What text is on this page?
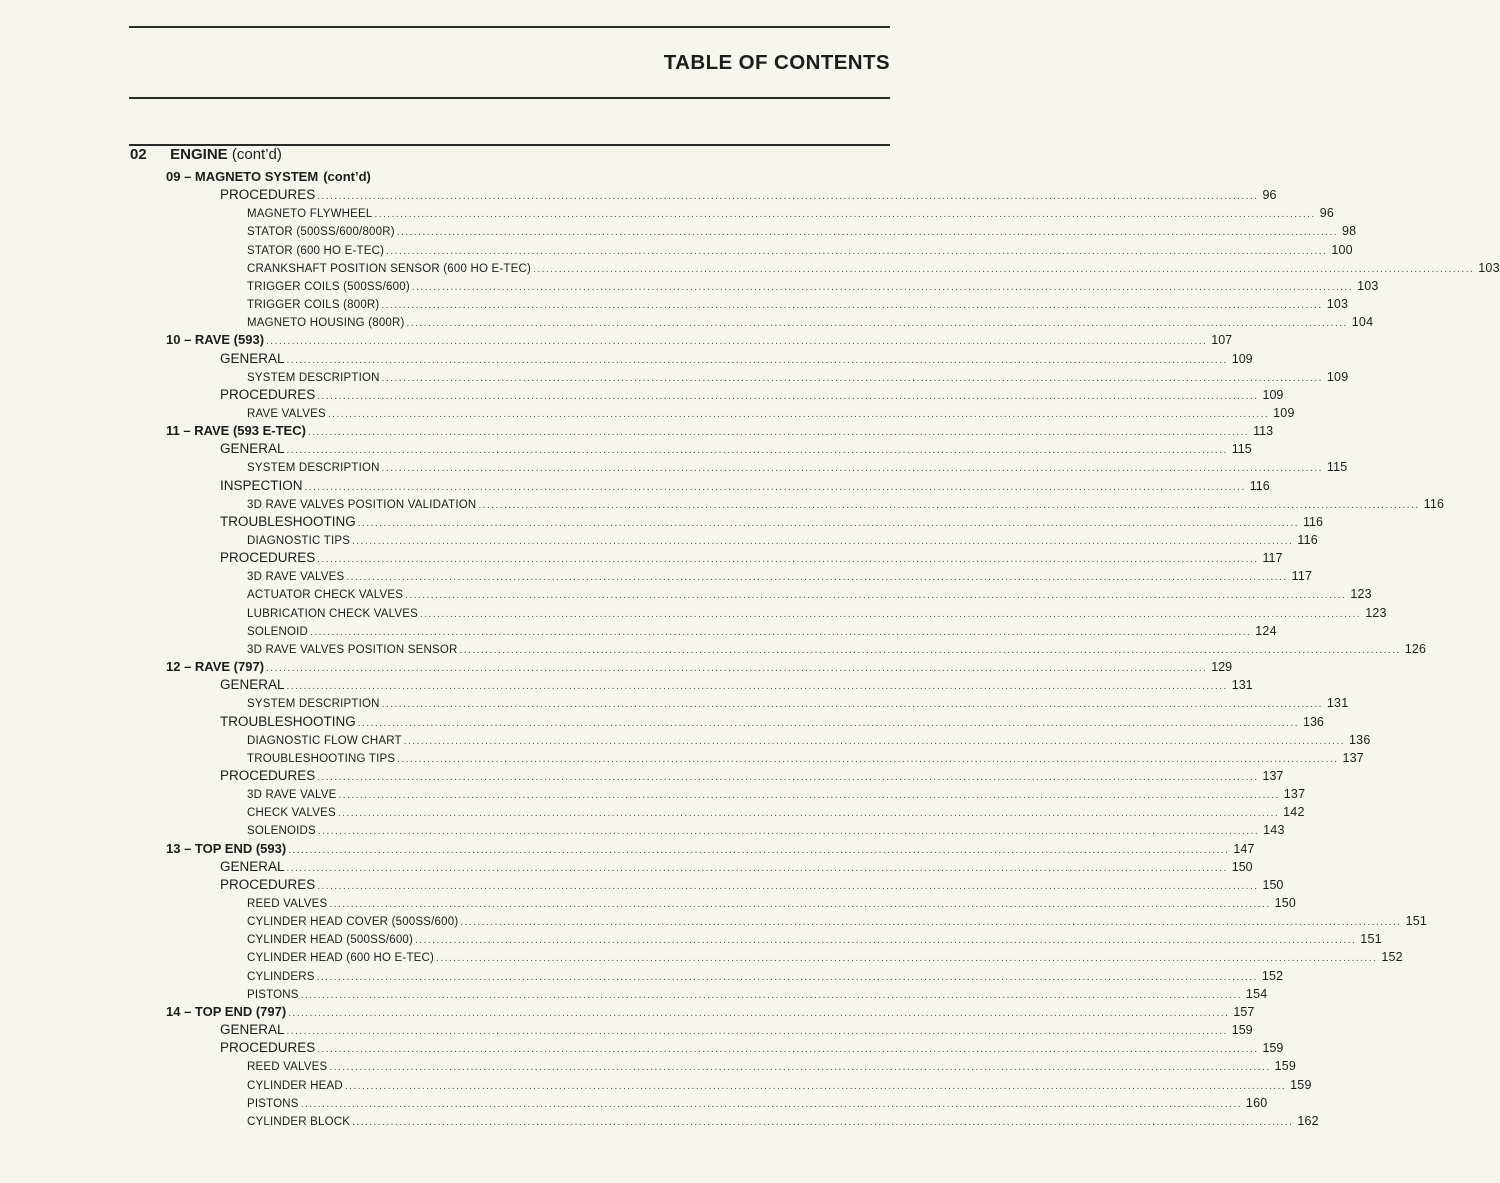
TABLE OF CONTENTS
02 ENGINE (cont’d)
09 – MAGNETO SYSTEM (cont’d)
PROCEDURES ............................................................................................................................................................................................................................ 96
MAGNETO FLYWHEEL ............................................................................................................................................................................................................................ 96
STATOR (500SS/600/800R) ............................................................................................................................................................................................................................ 98
STATOR (600 HO E-TEC) ............................................................................................................................................................................................................................ 100
CRANKSHAFT POSITION SENSOR (600 HO E-TEC) ............................................................................................................................................................................................................................ 103
TRIGGER COILS (500SS/600) ............................................................................................................................................................................................................................ 103
TRIGGER COILS (800R) ............................................................................................................................................................................................................................ 103
MAGNETO HOUSING (800R) ............................................................................................................................................................................................................................ 104
10 – RAVE (593) ............................................................................................................................................................................................................................ 107
GENERAL ............................................................................................................................................................................................................................ 109
SYSTEM DESCRIPTION ............................................................................................................................................................................................................................ 109
PROCEDURES ............................................................................................................................................................................................................................ 109
RAVE VALVES ............................................................................................................................................................................................................................ 109
11 – RAVE (593 E-TEC) ............................................................................................................................................................................................................................ 113
GENERAL ............................................................................................................................................................................................................................ 115
SYSTEM DESCRIPTION ............................................................................................................................................................................................................................ 115
INSPECTION ............................................................................................................................................................................................................................ 116
3D RAVE VALVES POSITION VALIDATION ............................................................................................................................................................................................................................ 116
TROUBLESHOOTING ............................................................................................................................................................................................................................ 116
DIAGNOSTIC TIPS ............................................................................................................................................................................................................................ 116
PROCEDURES ............................................................................................................................................................................................................................ 117
3D RAVE VALVES ............................................................................................................................................................................................................................ 117
ACTUATOR CHECK VALVES ............................................................................................................................................................................................................................ 123
LUBRICATION CHECK VALVES ............................................................................................................................................................................................................................ 123
SOLENOID ............................................................................................................................................................................................................................ 124
3D RAVE VALVES POSITION SENSOR ............................................................................................................................................................................................................................ 126
12 – RAVE (797) ............................................................................................................................................................................................................................ 129
GENERAL ............................................................................................................................................................................................................................ 131
SYSTEM DESCRIPTION ............................................................................................................................................................................................................................ 131
TROUBLESHOOTING ............................................................................................................................................................................................................................ 136
DIAGNOSTIC FLOW CHART ............................................................................................................................................................................................................................ 136
TROUBLESHOOTING TIPS ............................................................................................................................................................................................................................ 137
PROCEDURES ............................................................................................................................................................................................................................ 137
3D RAVE VALVE ............................................................................................................................................................................................................................ 137
CHECK VALVES ............................................................................................................................................................................................................................ 142
SOLENOIDS ............................................................................................................................................................................................................................ 143
13 – TOP END (593) ............................................................................................................................................................................................................................ 147
GENERAL ............................................................................................................................................................................................................................ 150
PROCEDURES ............................................................................................................................................................................................................................ 150
REED VALVES ............................................................................................................................................................................................................................ 150
CYLINDER HEAD COVER (500SS/600) ............................................................................................................................................................................................................................ 151
CYLINDER HEAD (500SS/600) ............................................................................................................................................................................................................................ 151
CYLINDER HEAD (600 HO E-TEC) ............................................................................................................................................................................................................................ 152
CYLINDERS ............................................................................................................................................................................................................................ 152
PISTONS ............................................................................................................................................................................................................................ 154
14 – TOP END (797) ............................................................................................................................................................................................................................ 157
GENERAL ............................................................................................................................................................................................................................ 159
PROCEDURES ............................................................................................................................................................................................................................ 159
REED VALVES ............................................................................................................................................................................................................................ 159
CYLINDER HEAD ............................................................................................................................................................................................................................ 159
PISTONS ............................................................................................................................................................................................................................ 160
CYLINDER BLOCK ............................................................................................................................................................................................................................ 162
